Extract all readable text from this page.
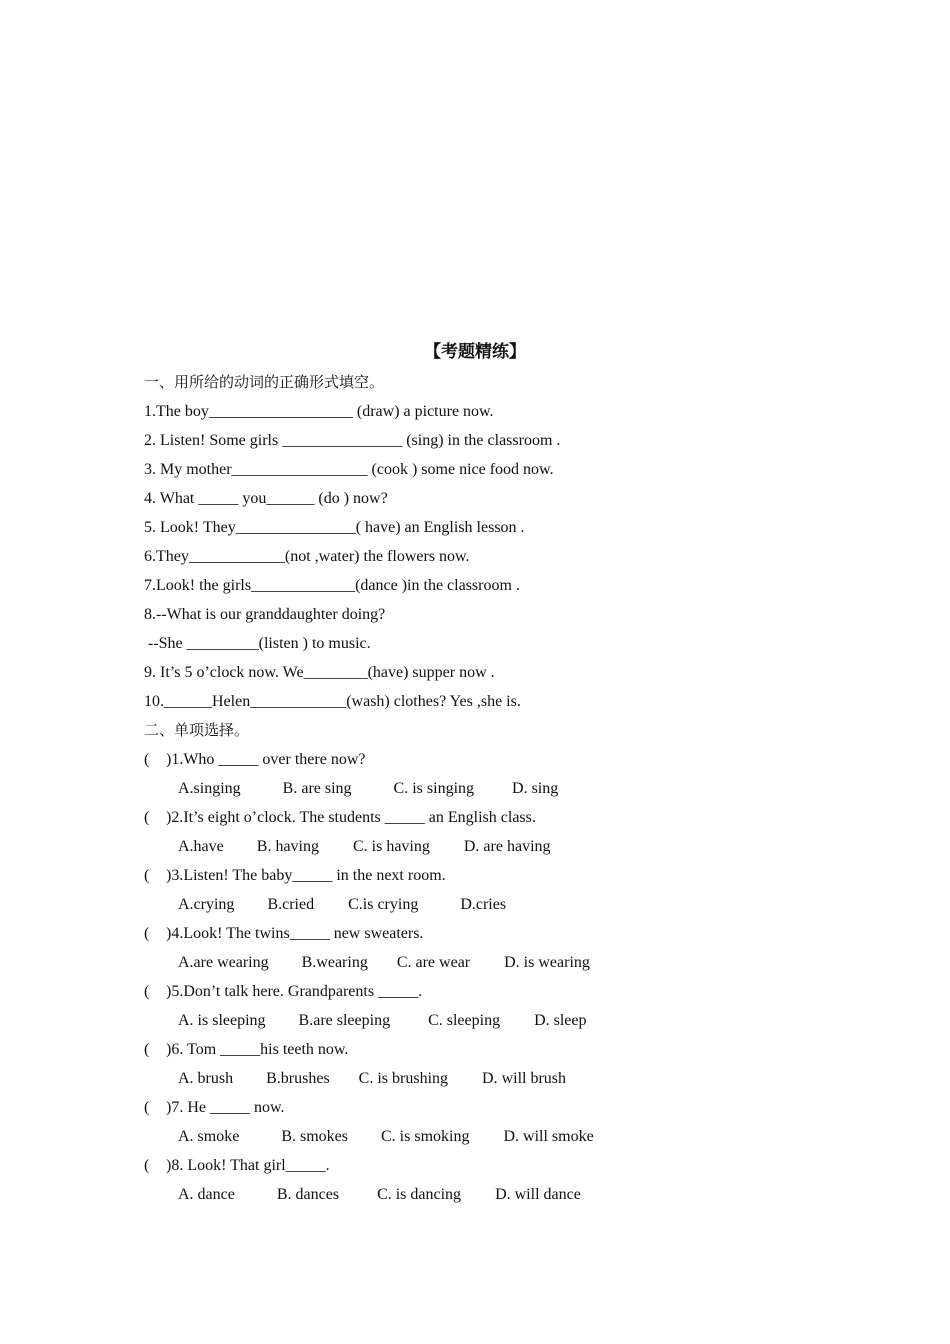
【考题精练】
一、用所给的动词的正确形式填空。
1.The boy__________________ (draw) a picture now.
2. Listen! Some girls _______________ (sing) in the classroom .
3. My mother_________________ (cook ) some nice food now.
4. What _____ you______ (do ) now?
5. Look! They_______________( have) an English lesson .
6.They____________(not ,water) the flowers now.
7.Look! the girls_____________(dance )in the classroom .
8.--What is our granddaughter doing?
--She _________(listen ) to music.
9. It’s 5 o’clock now. We________(have) supper now .
10.______Helen____________(wash) clothes? Yes ,she is.
二、单项选择。
( )1.Who _____ over there now?
A.singing	B. are sing	C. is singing D. sing
( )2.It’s eight o’clock. The students _____ an English class.
A.have B. having C. is having D. are having
( )3.Listen! The baby_____ in the next room.
A.crying B.cried C.is crying	D.cries
( )4.Look! The twins_____ new sweaters.
A.are wearing B.wearing C. are wear D. is wearing
( )5.Don’t talk here. Grandparents _____.
A. is sleeping B.are sleeping C. sleeping D. sleep
( )6. Tom _____his teeth now.
A. brush B.brushes C. is brushing D. will brush
( )7. He _____ now.
A. smoke	B. smokes C. is smoking D. will smoke
( )8. Look! That girl_____.
A. dance	B. dances C. is dancing D. will dance
